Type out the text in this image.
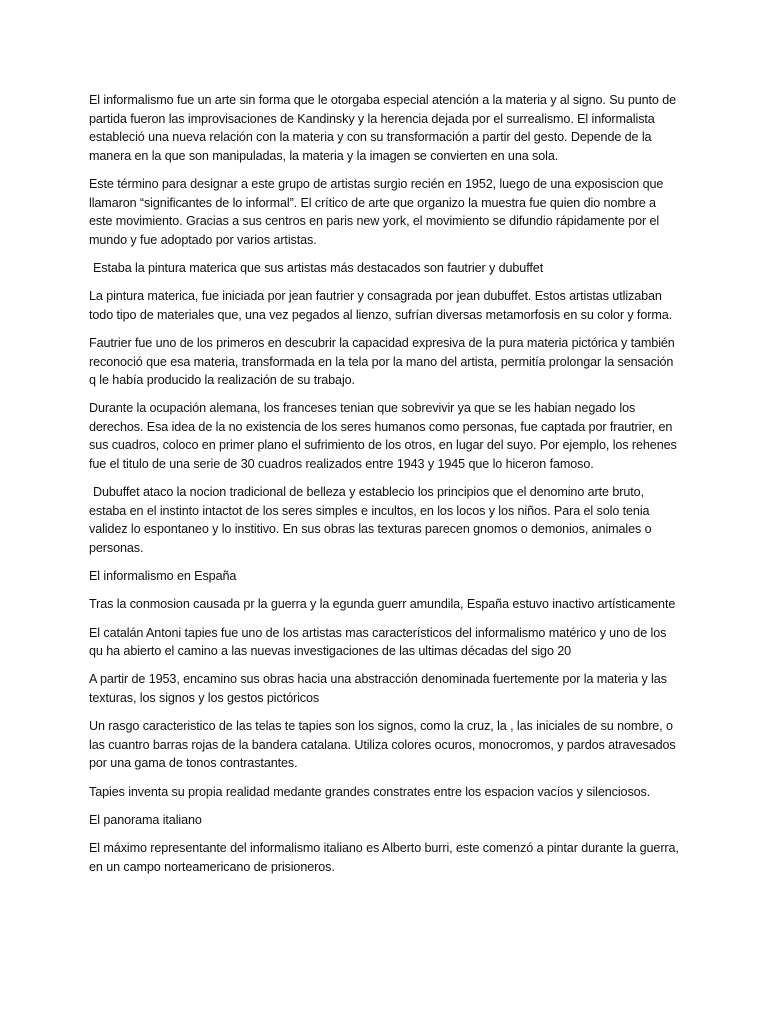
El informalismo fue un arte sin forma que le otorgaba especial atención a la materia y al signo. Su punto de partida fueron las improvisaciones de Kandinsky y la herencia dejada por el surrealismo. El informalista estableció una nueva relación con la materia y con su transformación a partir del gesto. Depende de la manera en la que son manipuladas, la materia y la imagen se convierten en una sola.

Este término para designar a este grupo de artistas surgio recién en 1952, luego de una exposiscion que llamaron “significantes de lo informal”. El crítico de arte que organizo la muestra fue quien dio nombre a este movimiento. Gracias a sus centros en paris new york, el movimiento se difundio rápidamente por el mundo y fue adoptado por varios artistas.

Estaba la pintura materica que sus artistas más destacados son fautrier y dubuffet

La pintura materica, fue iniciada por jean fautrier y consagrada por jean dubuffet. Estos artistas utlizaban todo tipo de materiales que, una vez pegados al lienzo, sufrían diversas metamorfosis en su color y forma.

Fautrier fue uno de los primeros en descubrir la capacidad expresiva de la pura materia pictórica y también reconoció que esa materia, transformada en la tela por la mano del artista, permitía prolongar la sensación q le había producido la realización de su trabajo.

Durante la ocupación alemana, los franceses tenian que sobrevivir ya que se les habian negado los derechos. Esa idea de la no existencia de los seres humanos como personas, fue captada por frautrier, en sus cuadros, coloco en primer plano el sufrimiento de los otros, en lugar del suyo. Por ejemplo, los rehenes fue el titulo de una serie de 30 cuadros realizados entre 1943 y 1945 que lo hiceron famoso.

Dubuffet ataco la nocion tradicional de belleza y establecio los principios que el denomino arte bruto, estaba en el instinto intactot de los seres simples e incultos, en los locos y los niños. Para el solo tenia validez lo espontaneo y lo institivo. En sus obras las texturas parecen gnomos o demonios, animales o personas.

El informalismo en España

Tras la conmosion causada pr la guerra y la egunda guerr amundila, España estuvo inactivo artísticamente

El catalán Antoni tapies fue uno de los artistas mas característicos del informalismo matérico y uno de los qu ha abierto el camino a las nuevas investigaciones de las ultimas décadas del sigo 20

A partir de 1953, encamino sus obras hacia una abstracción denominada fuertemente por la materia y las texturas, los signos y los gestos pictóricos

Un rasgo caracteristico de las telas te tapies son los signos, como la cruz, la , las iniciales de su nombre, o las cuantro barras rojas de la bandera catalana. Utiliza colores ocuros, monocromos, y pardos atravesados por una gama de tonos contrastantes.

Tapies inventa su propia realidad medante grandes constrates entre los espacion vacíos y silenciosos.

El panorama italiano

El máximo representante del informalismo italiano es Alberto burri, este comenzó a pintar durante la guerra, en un campo norteamericano de prisioneros.
